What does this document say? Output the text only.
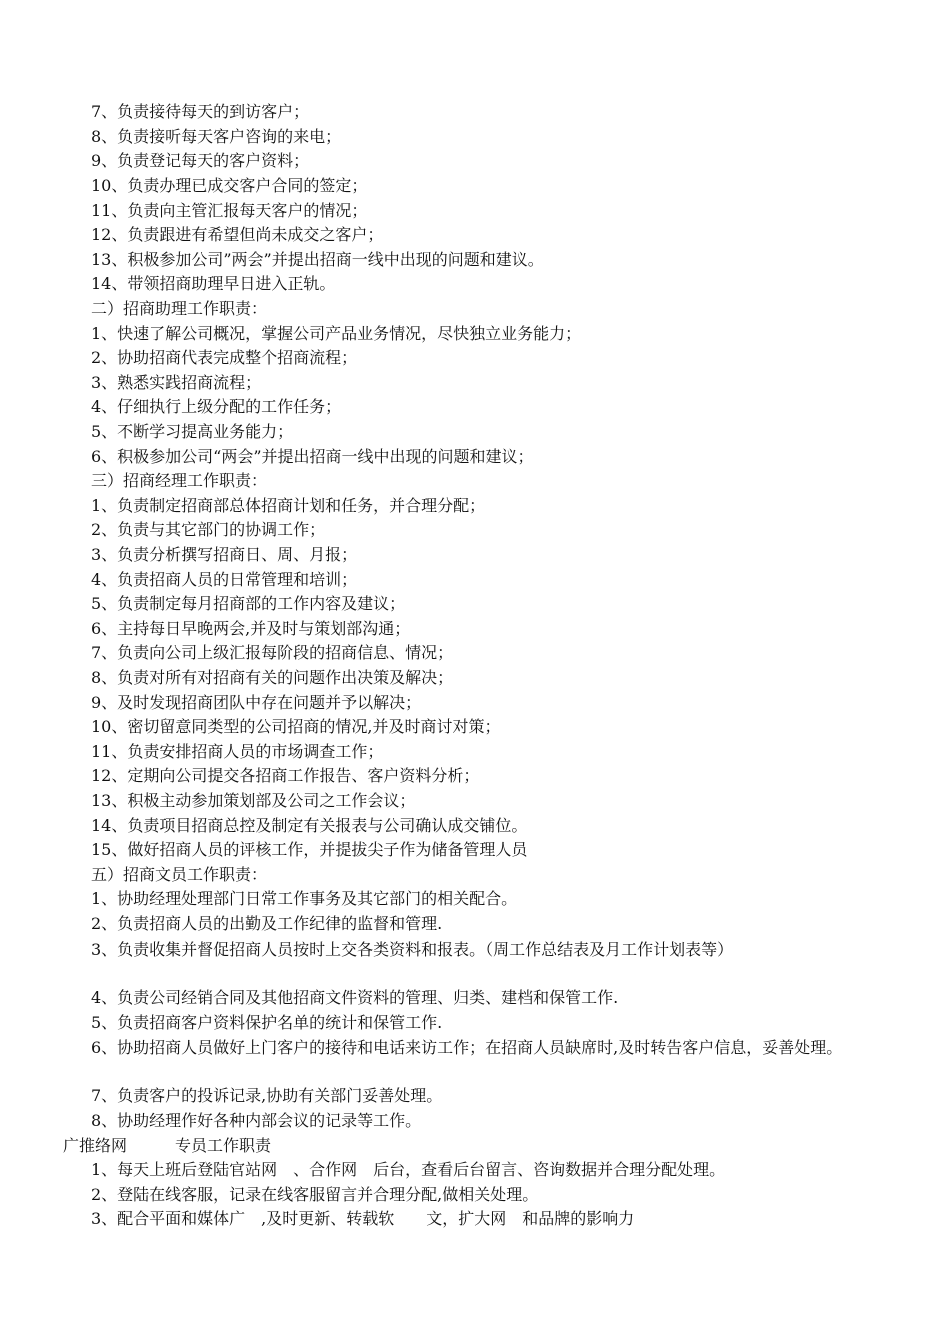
7、负责接待每天的到访客户；
8、负责接听每天客户咨询的来电；
9、负责登记每天的客户资料；
10、负责办理已成交客户合同的签定；
11、负责向主管汇报每天客户的情况；
12、负责跟进有希望但尚未成交之客户；
13、积极参加公司”两会”并提出招商一线中出现的问题和建议。
14、带领招商助理早日进入正轨。
二）招商助理工作职责：
1、快速了解公司概况，掌握公司产品业务情况，尽快独立业务能力；
2、协助招商代表完成整个招商流程；
3、熟悉实践招商流程；
4、仔细执行上级分配的工作任务；
5、不断学习提高业务能力；
6、积极参加公司“两会”并提出招商一线中出现的问题和建议；
三）招商经理工作职责：
1、负责制定招商部总体招商计划和任务，并合理分配；
2、负责与其它部门的协调工作；
3、负责分析撰写招商日、周、月报；
4、负责招商人员的日常管理和培训；
5、负责制定每月招商部的工作内容及建议；
6、主持每日早晚两会,并及时与策划部沟通；
7、负责向公司上级汇报每阶段的招商信息、情况；
8、负责对所有对招商有关的问题作出决策及解决；
9、及时发现招商团队中存在问题并予以解决；
10、密切留意同类型的公司招商的情况,并及时商讨对策；
11、负责安排招商人员的市场调查工作；
12、定期向公司提交各招商工作报告、客户资料分析；
13、积极主动参加策划部及公司之工作会议；
14、负责项目招商总控及制定有关报表与公司确认成交铺位。
15、做好招商人员的评核工作，并提拔尖子作为储备管理人员
五）招商文员工作职责：
1、协助经理处理部门日常工作事务及其它部门的相关配合。
2、负责招商人员的出勤及工作纪律的监督和管理.
3、负责收集并督促招商人员按时上交各类资料和报表。（周工作总结表及月工作计划表等）
4、负责公司经销合同及其他招商文件资料的管理、归类、建档和保管工作.
5、负责招商客户资料保护名单的统计和保管工作.
6、协助招商人员做好上门客户的接待和电话来访工作；在招商人员缺席时,及时转告客户信息，妥善处理。
7、负责客户的投诉记录,协助有关部门妥善处理。
8、协助经理作好各种内部会议的记录等工作。
广推络网　　　专员工作职责
1、每天上班后登陆官站网　、合作网　后台，查看后台留言、咨询数据并合理分配处理。
2、登陆在线客服，记录在线客服留言并合理分配,做相关处理。
3、配合平面和媒体广　,及时更新、转载软　　文，扩大网　和品牌的影响力
